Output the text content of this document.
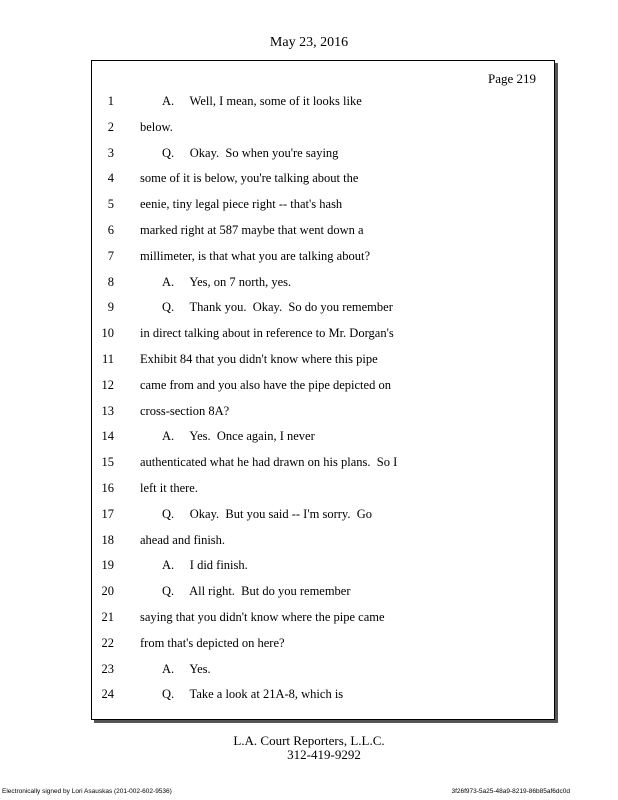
May 23, 2016
Page 219
1	A.     Well, I mean, some of it looks like
2 below.
3	Q.     Okay.  So when you're saying
4 some of it is below, you're talking about the
5 eenie, tiny legal piece right -- that's hash
6 marked right at 587 maybe that went down a
7 millimeter, is that what you are talking about?
8	A.     Yes, on 7 north, yes.
9	Q.     Thank you.  Okay.  So do you remember
10 in direct talking about in reference to Mr. Dorgan's
11 Exhibit 84 that you didn't know where this pipe
12 came from and you also have the pipe depicted on
13 cross-section 8A?
14	A.     Yes.  Once again, I never
15 authenticated what he had drawn on his plans.  So I
16 left it there.
17	Q.     Okay.  But you said -- I'm sorry.  Go
18 ahead and finish.
19	A.     I did finish.
20	Q.     All right.  But do you remember
21 saying that you didn't know where the pipe came
22 from that's depicted on here?
23	A.     Yes.
24	Q.     Take a look at 21A-8, which is
L.A. Court Reporters, L.L.C.
312-419-9292
Electronically signed by Lori Asauskas (201-002-602-9536)	3f26f973-5a25-48a9-8219-86b85af6dc0d
